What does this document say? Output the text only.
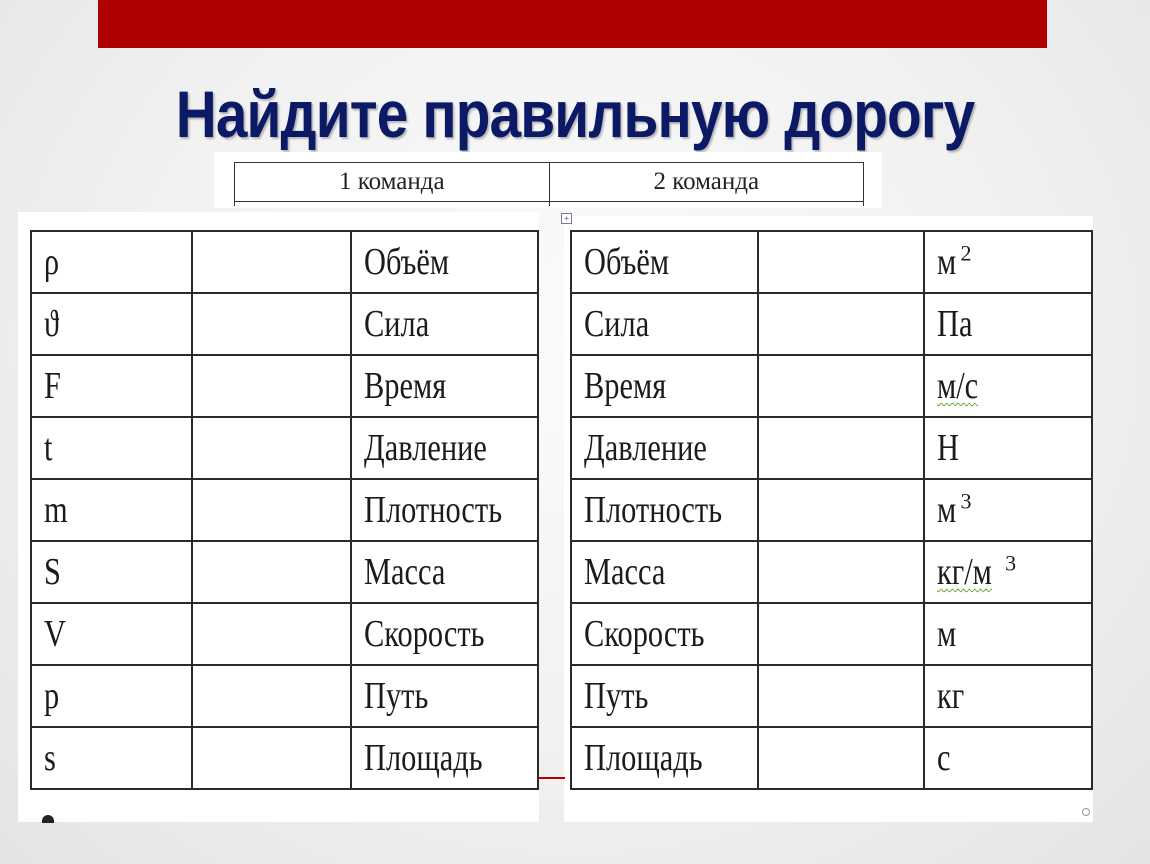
Найдите правильную дорогу
1 команда	2 команда

ρ		Объём
ϑ		Сила
F		Время
t		Давление
m		Плотность
S		Масса
V		Скорость
p		Путь
s		Площадь
Объём		м $^2$
Сила		Па
Время		м/с
Давление		Н
Плотность		м $^3$
Масса		кг/м $^3$
Скорость		м
Путь		кг
Площадь		с
+
